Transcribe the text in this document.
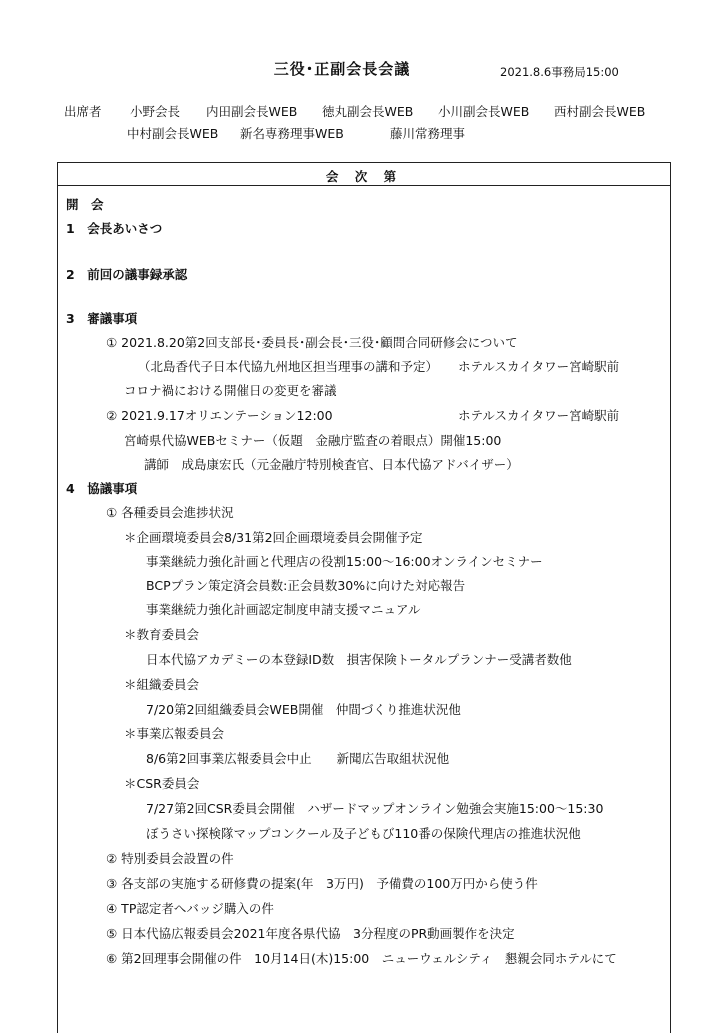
三役･正副会長会議	2021.8.6事務局15:00
出席者 小野会長 内田副会長WEB 徳丸副会長WEB 小川副会長WEB 西村副会長WEB
中村副会長WEB 新名専務理事WEB	藤川常務理事
会 次 第
開　会
1　会長あいさつ
2　前回の議事録承認
3　審議事項
① 2021.8.20第2回支部長･委員長･副会長･三役･顧問合同研修会について
（北島香代子日本代協九州地区担当理事の講和予定） ホテルスカイタワー宮崎駅前
コロナ禍における開催日の変更を審議
② 2021.9.17オリエンテーション12:00	ホテルスカイタワー宮崎駅前
宮崎県代協WEBセミナー（仮題　金融庁監査の着眼点）開催15:00
講師　成島康宏氏（元金融庁特別検査官、日本代協アドバイザー）
4　協議事項
① 各種委員会進捗状況
＊企画環境委員会8/31第2回企画環境委員会開催予定
事業継続力強化計画と代理店の役割15:00～16:00オンラインセミナー
BCPプラン策定済会員数:正会員数30%に向けた対応報告
事業継続力強化計画認定制度申請支援マニュアル
＊教育委員会
日本代協アカデミーの本登録ID数　損害保険トータルプランナー受講者数他
＊組織委員会
7/20第2回組織委員会WEB開催　仲間づくり推進状況他
＊事業広報委員会
8/6第2回事業広報委員会中止　　新聞広告取組状況他
＊CSR委員会
7/27第2回CSR委員会開催　ハザードマップオンライン勉強会実施15:00～15:30
ぼうさい探検隊マップコンクール及子どもび110番の保険代理店の推進状況他
② 特別委員会設置の件
③ 各支部の実施する研修費の提案(年　3万円)　予備費の100万円から使う件
④ TP認定者へバッジ購入の件
⑤ 日本代協広報委員会2021年度各県代協　3分程度のPR動画製作を決定
⑥ 第2回理事会開催の件　10月14日(木)15:00　ニューウェルシティ　懇親会同ホテルにて
